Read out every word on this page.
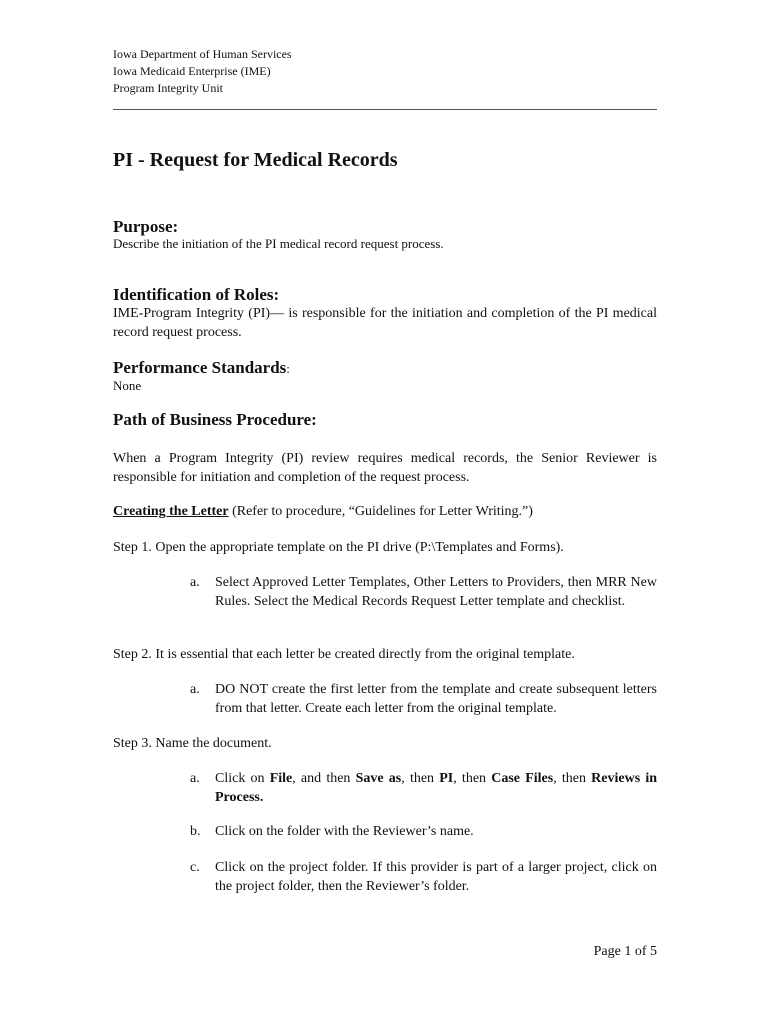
Iowa Department of Human Services
Iowa Medicaid Enterprise (IME)
Program Integrity Unit
PI - Request for Medical Records
Purpose:
Describe the initiation of the PI medical record request process.
Identification of Roles:
IME-Program Integrity (PI)— is responsible for the initiation and completion of the PI medical record request process.
Performance Standards:
None
Path of Business Procedure:
When a Program Integrity (PI) review requires medical records, the Senior Reviewer is responsible for initiation and completion of the request process.
Creating the Letter (Refer to procedure, “Guidelines for Letter Writing.”)
Step 1. Open the appropriate template on the PI drive (P:\Templates and Forms).
a. Select Approved Letter Templates, Other Letters to Providers, then MRR New Rules. Select the Medical Records Request Letter template and checklist.
Step 2. It is essential that each letter be created directly from the original template.
a. DO NOT create the first letter from the template and create subsequent letters from that letter. Create each letter from the original template.
Step 3. Name the document.
a. Click on File, and then Save as, then PI, then Case Files, then Reviews in Process.
b. Click on the folder with the Reviewer’s name.
c. Click on the project folder. If this provider is part of a larger project, click on the project folder, then the Reviewer’s folder.
Page 1 of 5
